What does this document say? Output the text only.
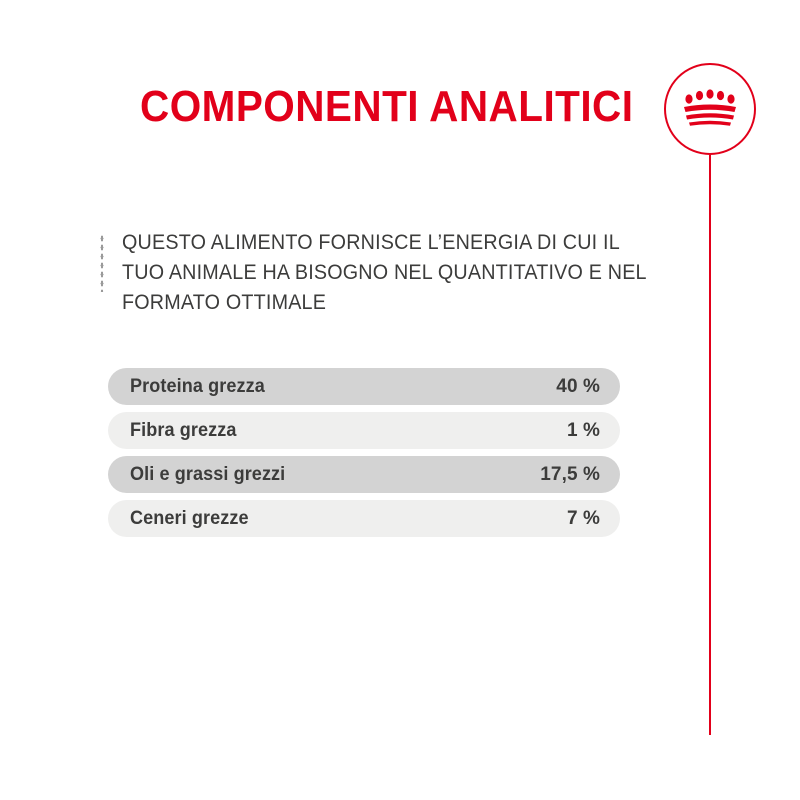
COMPONENTI ANALITICI
QUESTO ALIMENTO FORNISCE L’ENERGIA DI CUI IL TUO ANIMALE HA BISOGNO NEL QUANTITATIVO E NEL FORMATO OTTIMALE
Proteina grezza	40 %
Fibra grezza	1 %
Oli e grassi grezzi	17,5 %
Ceneri grezze	7 %
